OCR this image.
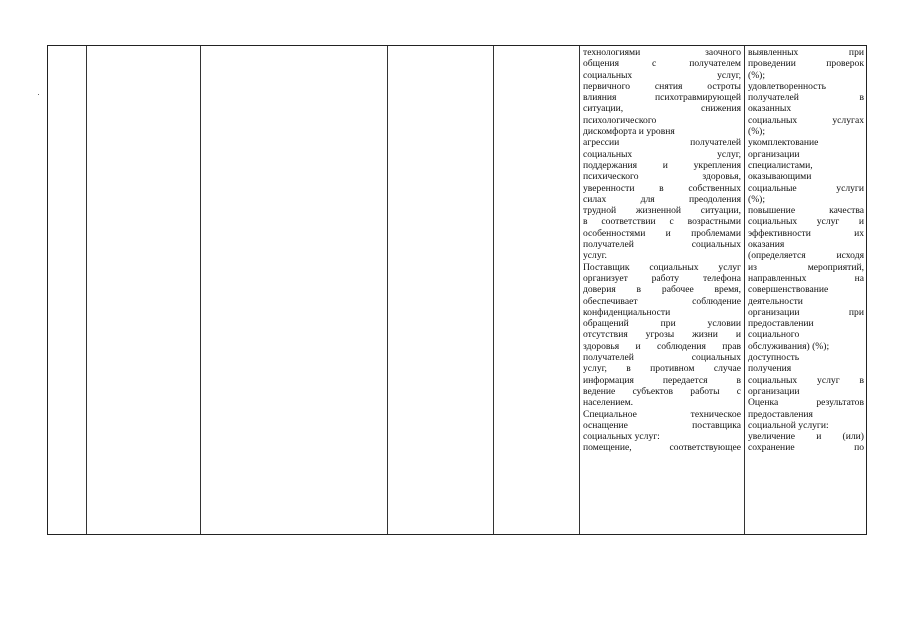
технологиями заочного
общения с получателем
социальных услуг,
первичного снятия остроты
влияния психотравмирующей
ситуации, снижения
психологического
дискомфорта и уровня
агрессии получателей
социальных услуг,
поддержания и укрепления
психического здоровья,
уверенности в собственных
силах для преодоления
трудной жизненной ситуации,
в соответствии с возрастными
особенностями и проблемами
получателей социальных
услуг.
Поставщик социальных услуг
организует работу телефона
доверия в рабочее время,
обеспечивает соблюдение
конфиденциальности
обращений при условии
отсутствия угрозы жизни и
здоровья и соблюдения прав
получателей социальных
услуг, в противном случае
информация передается в
ведение субъектов работы с
населением.
Специальное техническое
оснащение поставщика
социальных услуг:
помещение, соответствующее
выявленных при
проведении проверок
(%);
удовлетворенность
получателей в
оказанных
социальных услугах
(%);
укомплектование
организации
специалистами,
оказывающими
социальные услуги
(%);
повышение качества
социальных услуг и
эффективности их
оказания
(определяется исходя
из мероприятий,
направленных на
совершенствование
деятельности
организации при
предоставлении
социального
обслуживания) (%);
доступность
получения
социальных услуг в
организации
Оценка результатов
предоставления
социальной услуги:
увеличение и (или)
сохранение по
